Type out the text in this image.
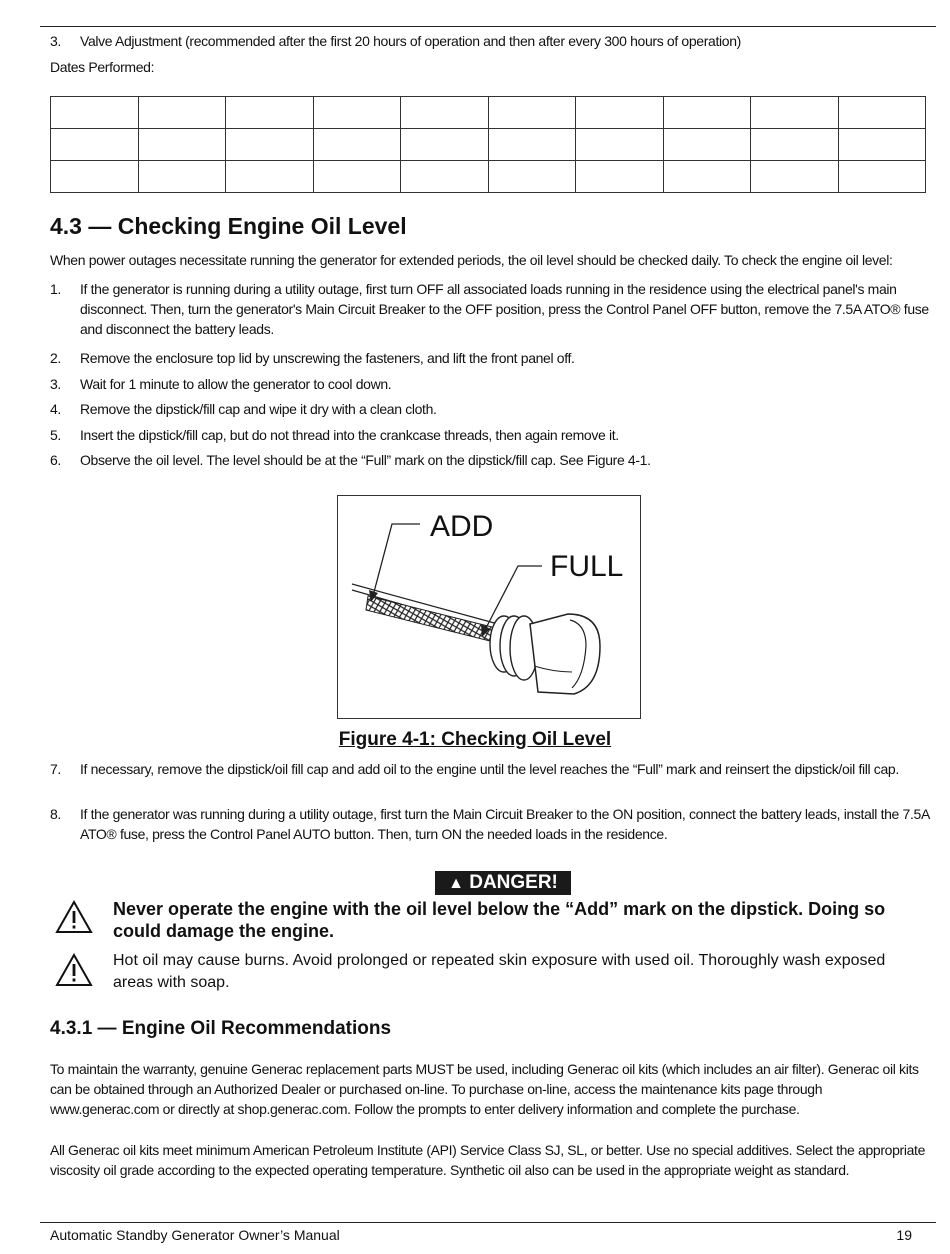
3.	Valve Adjustment (recommended after the first 20 hours of operation and then after every 300 hours of operation)
Dates Performed:

4.3 — Checking Engine Oil Level
When power outages necessitate running the generator for extended periods, the oil level should be checked daily. To check the engine oil level:
1.	If the generator is running during a utility outage, first turn OFF all associated loads running in the residence using the electrical panel's main disconnect. Then, turn the generator's Main Circuit Breaker to the OFF position, press the Control Panel OFF button, remove the 7.5A ATO® fuse and disconnect the battery leads.
2.	Remove the enclosure top lid by unscrewing the fasteners, and lift the front panel off.
3.	Wait for 1 minute to allow the generator to cool down.
4.	Remove the dipstick/fill cap and wipe it dry with a clean cloth.
5.	Insert the dipstick/fill cap, but do not thread into the crankcase threads, then again remove it.
6.	Observe the oil level. The level should be at the “Full” mark on the dipstick/fill cap. See Figure 4-1.
ADD
FULL
Figure 4-1: Checking Oil Level
7.	If necessary, remove the dipstick/oil fill cap and add oil to the engine until the level reaches the “Full” mark and reinsert the dipstick/oil fill cap.
8.	If the generator was running during a utility outage, first turn the Main Circuit Breaker to the ON position, connect the battery leads, install the 7.5A ATO® fuse, press the Control Panel AUTO button. Then, turn ON the needed loads in the residence.
▲ DANGER!
Never operate the engine with the oil level below the “Add” mark on the dipstick. Doing so could damage the engine.
Hot oil may cause burns. Avoid prolonged or repeated skin exposure with used oil. Thoroughly wash exposed areas with soap.
4.3.1 — Engine Oil Recommendations
To maintain the warranty, genuine Generac replacement parts MUST be used, including Generac oil kits (which includes an air filter). Generac oil kits can be obtained through an Authorized Dealer or purchased on-line. To purchase on-line, access the maintenance kits page through www.generac.com or directly at shop.generac.com. Follow the prompts to enter delivery information and complete the purchase.
All Generac oil kits meet minimum American Petroleum Institute (API) Service Class SJ, SL, or better. Use no special additives. Select the appropriate viscosity oil grade according to the expected operating temperature. Synthetic oil also can be used in the appropriate weight as standard.
Automatic Standby Generator Owner’s Manual	19
